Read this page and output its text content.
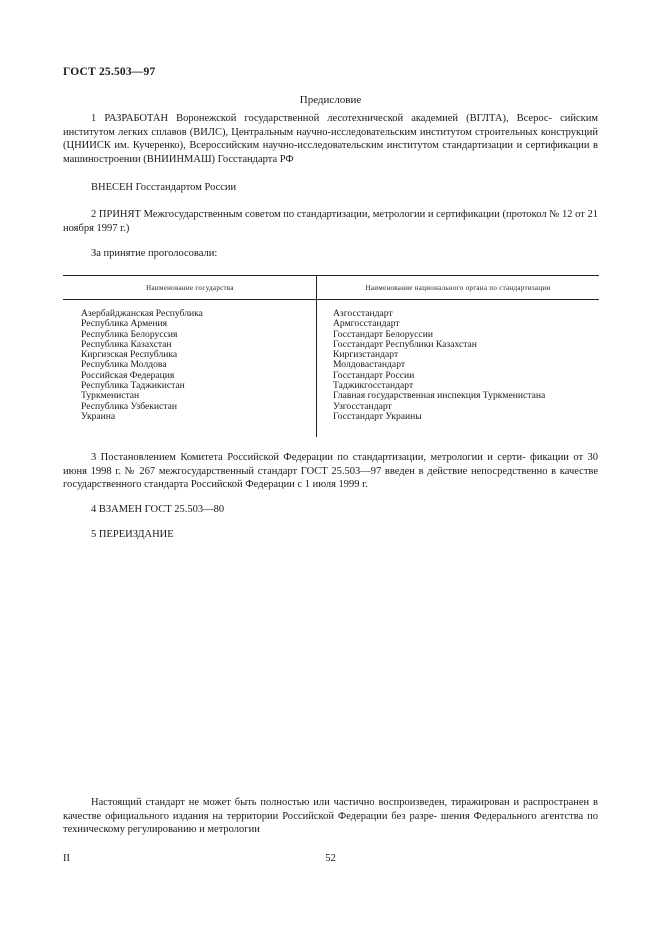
ГОСТ 25.503—97
Предисловие
1 РАЗРАБОТАН Воронежской государственной лесотехнической академией (ВГЛТА), Всерос- сийским институтом легких сплавов (ВИЛС), Центральным научно-исследовательским институтом строительных конструкций (ЦНИИСК им. Кучеренко), Всероссийским научно-исследовательским институтом стандартизации и сертификации в машиностроении (ВНИИНМАШ) Госстандарта РФ
ВНЕСЕН Госстандартом России
2 ПРИНЯТ Межгосударственным советом по стандартизации, метрологии и сертификации (протокол № 12 от 21 ноября 1997 г.)
За принятие проголосовали:
Наименование государства	Наименование национального органа по стандартизации
Азербайджанская Республика	Азгосстандарт
Республика Армения	Армгосстандарт
Республика Белоруссия	Госстандарт Белоруссии
Республика Казахстан	Госстандарт Республики Казахстан
Киргизская Республика	Киргизстандарт
Республика Молдова	Молдовастандарт
Российская Федерация	Госстандарт России
Республика Таджикистан	Таджикгосстандарт
Туркменистан	Главная государственная инспекция Туркменистана
Республика Узбекистан	Узгосстандарт
Украина	Госстандарт Украины
3 Постановлением Комитета Российской Федерации по стандартизации, метрологии и серти- фикации от 30 июня 1998 г. № 267 межгосударственный стандарт ГОСТ 25.503—97 введен в действие непосредственно в качестве государственного стандарта Российской Федерации с 1 июля 1999 г.
4 ВЗАМЕН ГОСТ 25.503—80
5 ПЕРЕИЗДАНИЕ
Настоящий стандарт не может быть полностью или частично воспроизведен, тиражирован и распространен в качестве официального издания на территории Российской Федерации без разре- шения Федерального агентства по техническому регулированию и метрологии
II	52
